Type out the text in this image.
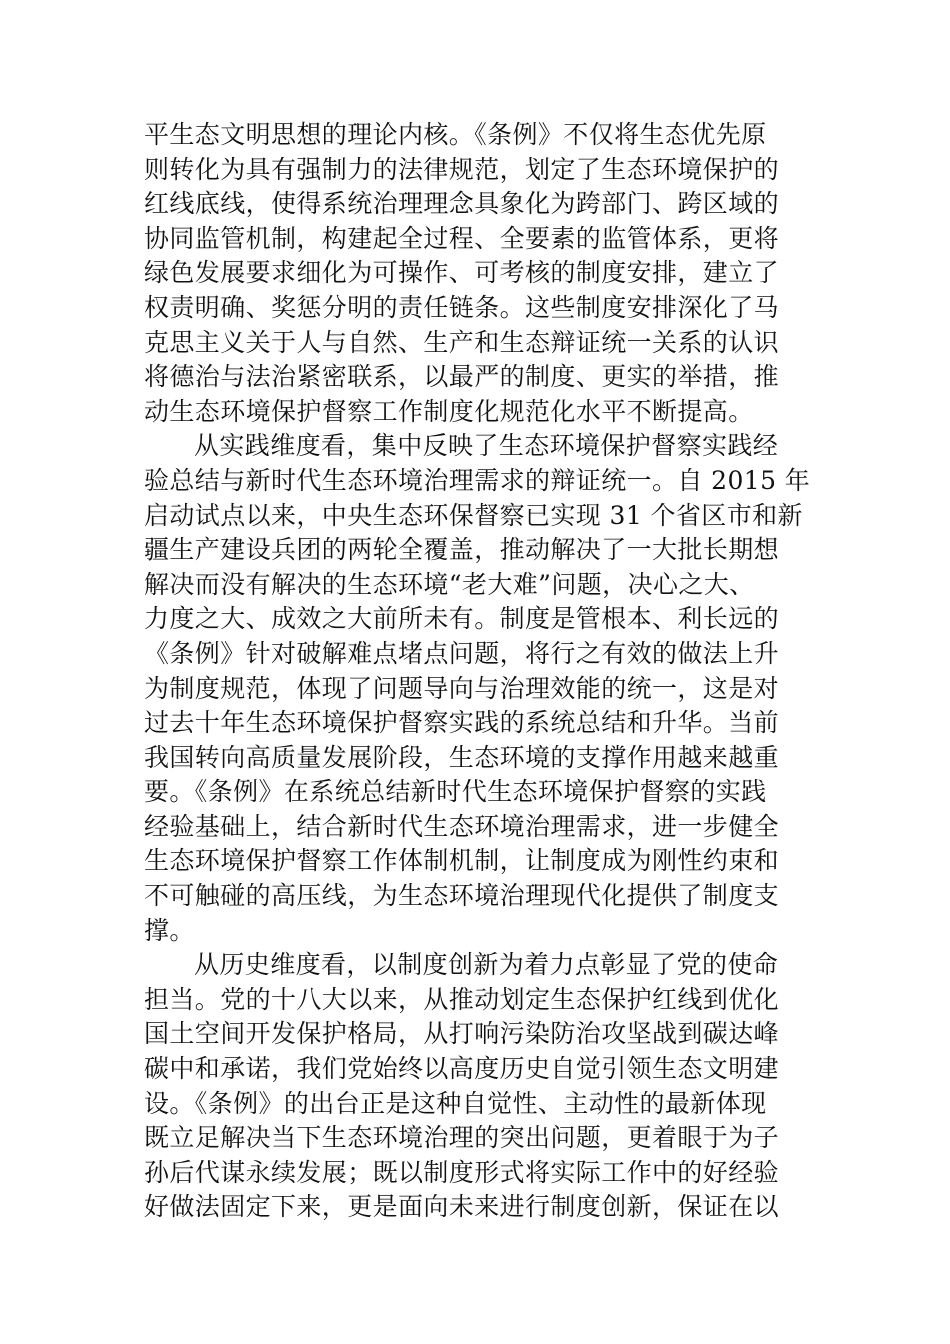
平生态文明思想的理论内核。《条例》不仅将生态优先原
则转化为具有强制力的法律规范，划定了生态环境保护的
红线底线，使得系统治理理念具象化为跨部门、跨区域的
协同监管机制，构建起全过程、全要素的监管体系，更将
绿色发展要求细化为可操作、可考核的制度安排，建立了
权责明确、奖惩分明的责任链条。这些制度安排深化了马
克思主义关于人与自然、生产和生态辩证统一关系的认识
将德治与法治紧密联系，以最严的制度、更实的举措，推
动生态环境保护督察工作制度化规范化水平不断提高。

从实践维度看，集中反映了生态环境保护督察实践经
验总结与新时代生态环境治理需求的辩证统一。自 2015 年
启动试点以来，中央生态环保督察已实现 31 个省区市和新
疆生产建设兵团的两轮全覆盖，推动解决了一大批长期想
解决而没有解决的生态环境“老大难”问题，决心之大、
力度之大、成效之大前所未有。制度是管根本、利长远的
《条例》针对破解难点堵点问题，将行之有效的做法上升
为制度规范，体现了问题导向与治理效能的统一，这是对
过去十年生态环境保护督察实践的系统总结和升华。当前
我国转向高质量发展阶段，生态环境的支撑作用越来越重
要。《条例》在系统总结新时代生态环境保护督察的实践
经验基础上，结合新时代生态环境治理需求，进一步健全
生态环境保护督察工作体制机制，让制度成为刚性约束和
不可触碰的高压线，为生态环境治理现代化提供了制度支
撑。

从历史维度看，以制度创新为着力点彰显了党的使命
担当。党的十八大以来，从推动划定生态保护红线到优化
国土空间开发保护格局，从打响污染防治攻坚战到碳达峰
碳中和承诺，我们党始终以高度历史自觉引领生态文明建
设。《条例》的出台正是这种自觉性、主动性的最新体现
既立足解决当下生态环境治理的突出问题，更着眼于为子
孙后代谋永续发展；既以制度形式将实际工作中的好经验
好做法固定下来，更是面向未来进行制度创新，保证在以
